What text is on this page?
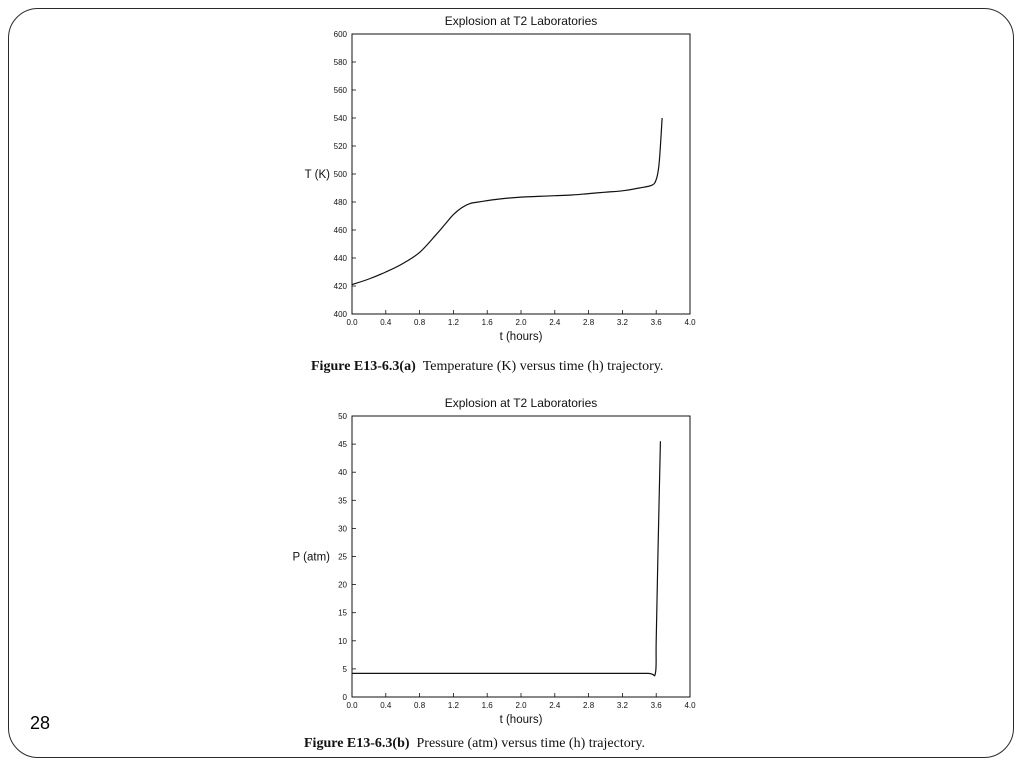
Explosion at T2 Laboratories
0.0	0.4	0.8	1.2	1.6	2.0	2.4	2.8	3.2	3.6	4.0
400
420
440
460
480
500
520
540
560
580
600
t (hours)
T (K)
Figure E13-6.3(a) Temperature (K) versus time (h) trajectory.
Explosion at T2 Laboratories
0.0	0.4	0.8	1.2	1.6	2.0	2.4	2.8	3.2	3.6	4.0
0
5
10
15
20
25
30
35
40
45
50
t (hours)
P (atm)
Figure E13-6.3(b) Pressure (atm) versus time (h) trajectory.
28
